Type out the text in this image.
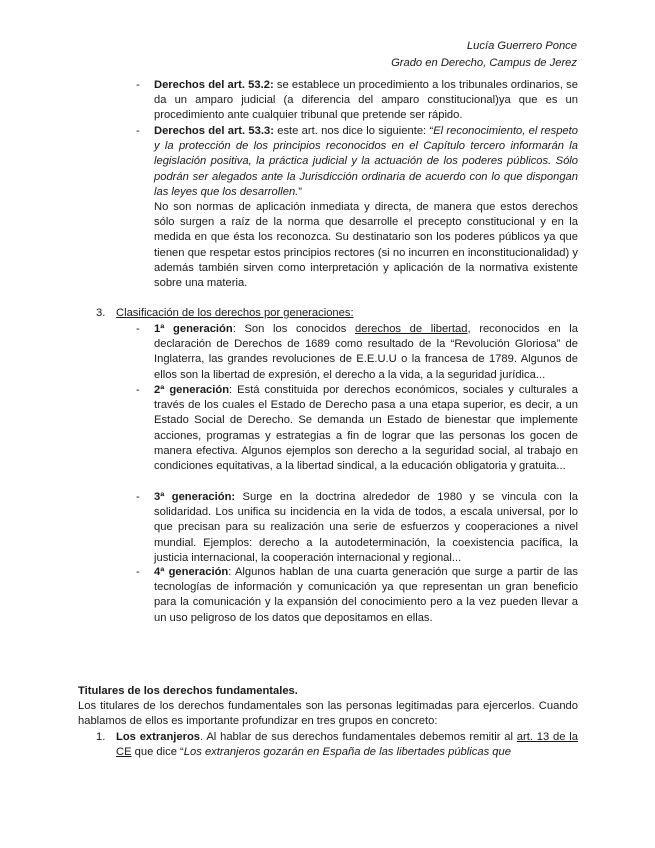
Lucía Guerrero Ponce
Grado en Derecho, Campus de Jerez
-	Derechos del art. 53.2: se establece un procedimiento a los tribunales ordinarios, se da un amparo judicial (a diferencia del amparo constitucional)ya que es un procedimiento ante cualquier tribunal que pretende ser rápido.
-	Derechos del art. 53.3: este art. nos dice lo siguiente: “El reconocimiento, el respeto y la protección de los principios reconocidos en el Capítulo tercero informarán la legislación positiva, la práctica judicial y la actuación de los poderes públicos. Sólo podrán ser alegados ante la Jurisdicción ordinaria de acuerdo con lo que dispongan las leyes que los desarrollen.”

No son normas de aplicación inmediata y directa, de manera que estos derechos sólo surgen a raíz de la norma que desarrolle el precepto constitucional y en la medida en que ésta los reconozca. Su destinatario son los poderes públicos ya que tienen que respetar estos principios rectores (si no incurren en inconstitucionalidad) y además también sirven como interpretación y aplicación de la normativa existente sobre una materia.

3. Clasificación de los derechos por generaciones:
-	1ª generación: Son los conocidos derechos de libertad, reconocidos en la declaración de Derechos de 1689 como resultado de la “Revolución Gloriosa” de Inglaterra, las grandes revoluciones de E.E.U.U o la francesa de 1789. Algunos de ellos son la libertad de expresión, el derecho a la vida, a la seguridad jurídica...
-	2ª generación: Está constituida por derechos económicos, sociales y culturales a través de los cuales el Estado de Derecho pasa a una etapa superior, es decir, a un Estado Social de Derecho. Se demanda un Estado de bienestar que implemente acciones, programas y estrategias a fin de lograr que las personas los gocen de manera efectiva. Algunos ejemplos son derecho a la seguridad social, al trabajo en condiciones equitativas, a la libertad sindical, a la educación obligatoria y gratuita...
-	3ª generación: Surge en la doctrina alrededor de 1980 y se vincula con la solidaridad. Los unifica su incidencia en la vida de todos, a escala universal, por lo que precisan para su realización una serie de esfuerzos y cooperaciones a nivel mundial. Ejemplos: derecho a la autodeterminación, la coexistencia pacífica, la justicia internacional, la cooperación internacional y regional...
-	4ª generación: Algunos hablan de una cuarta generación que surge a partir de las tecnologías de información y comunicación ya que representan un gran beneficio para la comunicación y la expansión del conocimiento pero a la vez pueden llevar a un uso peligroso de los datos que depositamos en ellas.
Titulares de los derechos fundamentales.
Los titulares de los derechos fundamentales son las personas legitimadas para ejercerlos. Cuando hablamos de ellos es importante profundizar en tres grupos en concreto:
1. Los extranjeros. Al hablar de sus derechos fundamentales debemos remitir al art. 13 de la CE que dice “Los extranjeros gozarán en España de las libertades públicas que
